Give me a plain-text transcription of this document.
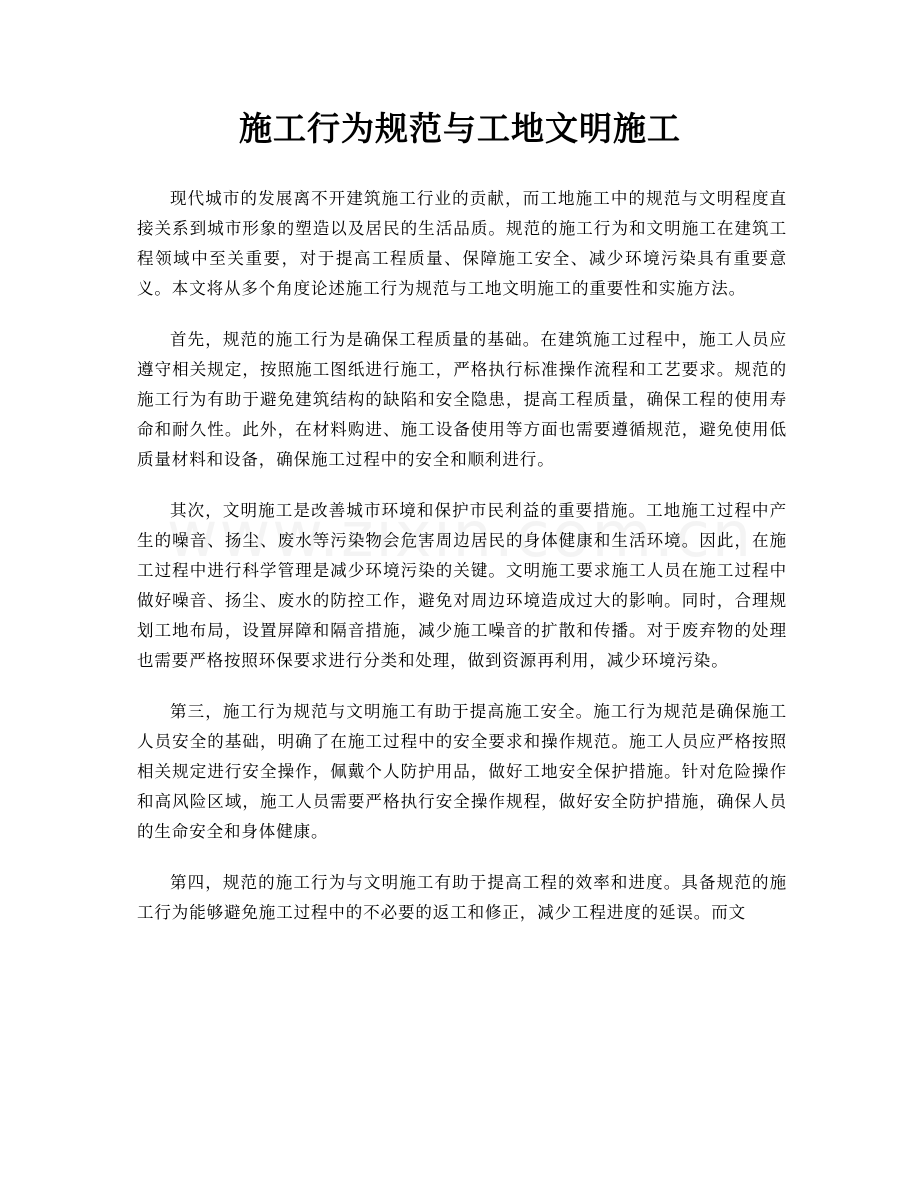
施工行为规范与工地文明施工

现代城市的发展离不开建筑施工行业的贡献，而工地施工中的规范与文明程度直接关系到城市形象的塑造以及居民的生活品质。规范的施工行为和文明施工在建筑工程领域中至关重要，对于提高工程质量、保障施工安全、减少环境污染具有重要意义。本文将从多个角度论述施工行为规范与工地文明施工的重要性和实施方法。

首先，规范的施工行为是确保工程质量的基础。在建筑施工过程中，施工人员应遵守相关规定，按照施工图纸进行施工，严格执行标准操作流程和工艺要求。规范的施工行为有助于避免建筑结构的缺陷和安全隐患，提高工程质量，确保工程的使用寿命和耐久性。此外，在材料购进、施工设备使用等方面也需要遵循规范，避免使用低质量材料和设备，确保施工过程中的安全和顺利进行。

其次，文明施工是改善城市环境和保护市民利益的重要措施。工地施工过程中产生的噪音、扬尘、废水等污染物会危害周边居民的身体健康和生活环境。因此，在施工过程中进行科学管理是减少环境污染的关键。文明施工要求施工人员在施工过程中做好噪音、扬尘、废水的防控工作，避免对周边环境造成过大的影响。同时，合理规划工地布局，设置屏障和隔音措施，减少施工噪音的扩散和传播。对于废弃物的处理也需要严格按照环保要求进行分类和处理，做到资源再利用，减少环境污染。

第三，施工行为规范与文明施工有助于提高施工安全。施工行为规范是确保施工人员安全的基础，明确了在施工过程中的安全要求和操作规范。施工人员应严格按照相关规定进行安全操作，佩戴个人防护用品，做好工地安全保护措施。针对危险操作和高风险区域，施工人员需要严格执行安全操作规程，做好安全防护措施，确保人员的生命安全和身体健康。

第四，规范的施工行为与文明施工有助于提高工程的效率和进度。具备规范的施工行为能够避免施工过程中的不必要的返工和修正，减少工程进度的延误。而文
